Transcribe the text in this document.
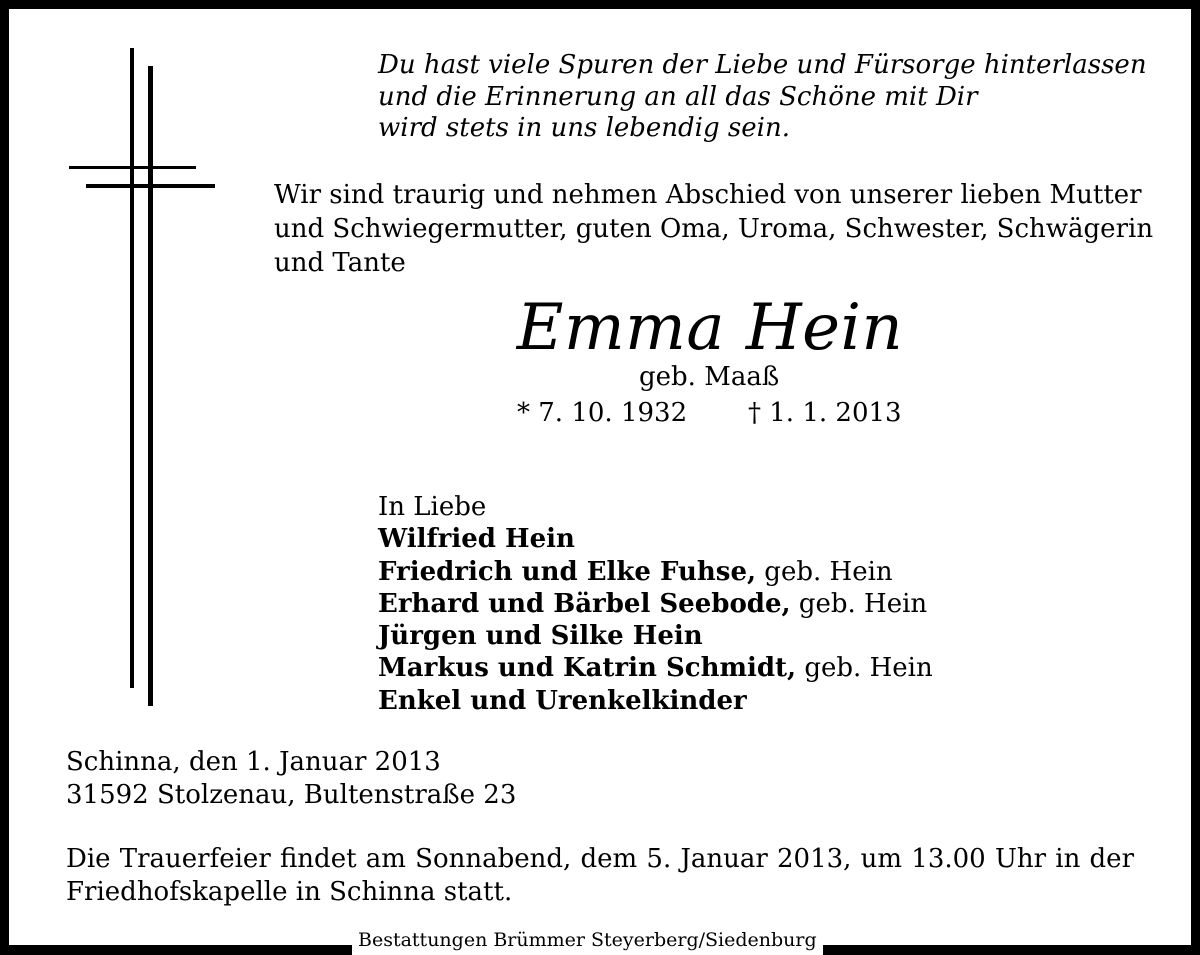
Du hast viele Spuren der Liebe und Fürsorge hinterlassen
und die Erinnerung an all das Schöne mit Dir
wird stets in uns lebendig sein.
Wir sind traurig und nehmen Abschied von unserer lieben Mutter
und Schwiegermutter, guten Oma, Uroma, Schwester, Schwägerin
und Tante
Emma Hein
geb. Maaß
* 7. 10. 1932 † 1. 1. 2013
In Liebe
Wilfried Hein
Friedrich und Elke Fuhse, geb. Hein
Erhard und Bärbel Seebode, geb. Hein
Jürgen und Silke Hein
Markus und Katrin Schmidt, geb. Hein
Enkel und Urenkelkinder
Schinna, den 1. Januar 2013
31592 Stolzenau, Bultenstraße 23
Die Trauerfeier findet am Sonnabend, dem 5. Januar 2013, um 13.00 Uhr in der
Friedhofskapelle in Schinna statt.
Bestattungen Brümmer Steyerberg/Siedenburg
